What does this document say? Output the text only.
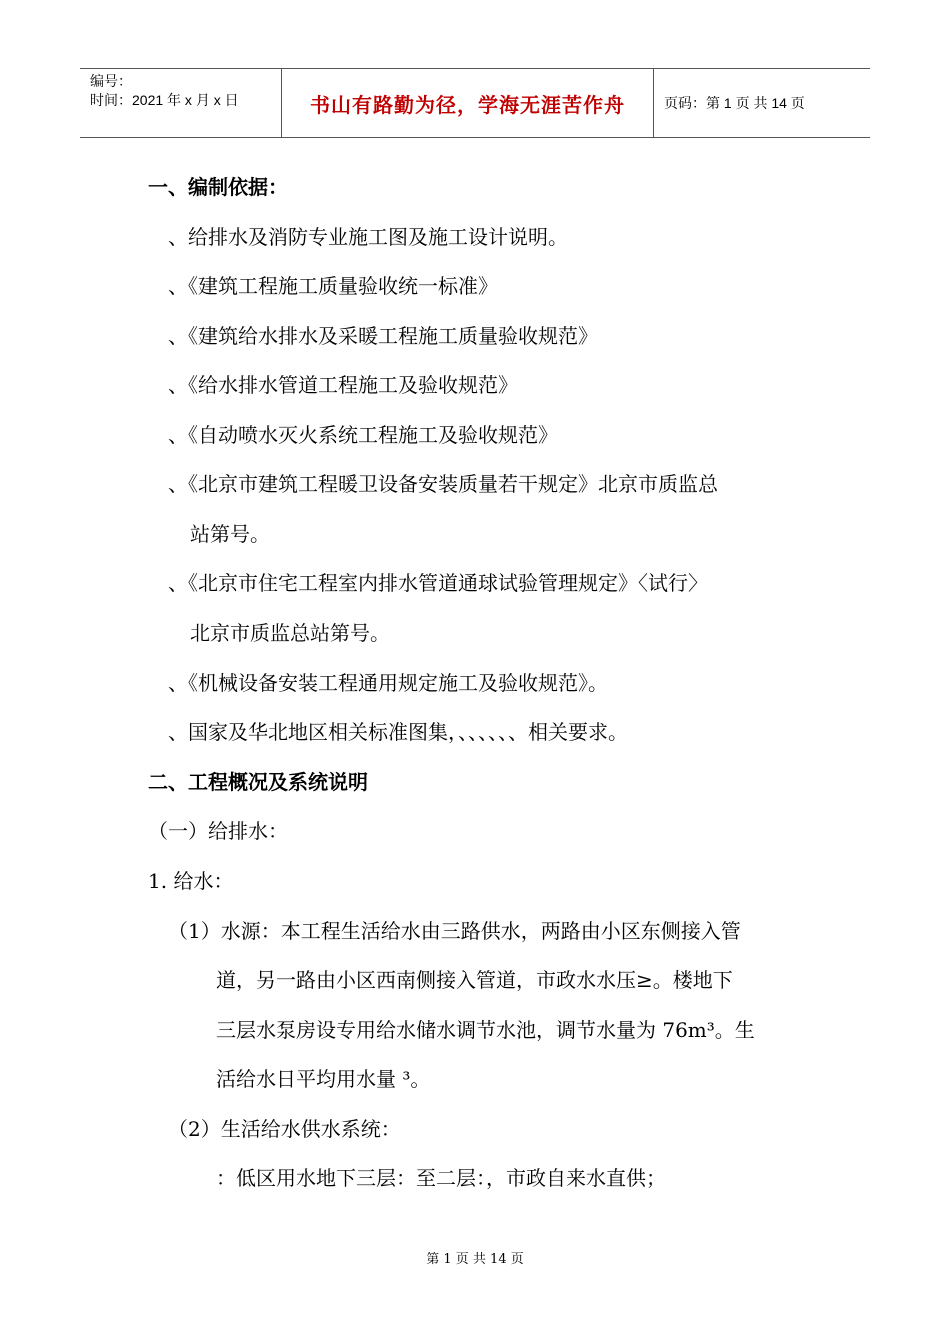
编号：
时间：2021 年 x 月 x 日	书山有路勤为径，学海无涯苦作舟	页码：第 1 页 共 14 页
一、编制依据：
、给排水及消防专业施工图及施工设计说明。
、《建筑工程施工质量验收统一标准》
、《建筑给水排水及采暖工程施工质量验收规范》
、《给水排水管道工程施工及验收规范》
、《自动喷水灭火系统工程施工及验收规范》
、《北京市建筑工程暖卫设备安装质量若干规定》北京市质监总
站第号。
、《北京市住宅工程室内排水管道通球试验管理规定》〈试行〉
北京市质监总站第号。
、《机械设备安装工程通用规定施工及验收规范》。
、国家及华北地区相关标准图集，、、、、、、相关要求。
二、工程概况及系统说明
（一）给排水：
1. 给水：
（1）水源：本工程生活给水由三路供水，两路由小区东侧接入管
道，另一路由小区西南侧接入管道，市政水水压≥。楼地下
三层水泵房设专用给水储水调节水池，调节水量为 76m³。生
活给水日平均用水量 ³。
（2）生活给水供水系统：
：低区用水地下三层：至二层：，市政自来水直供；
第 1 页 共 14 页
